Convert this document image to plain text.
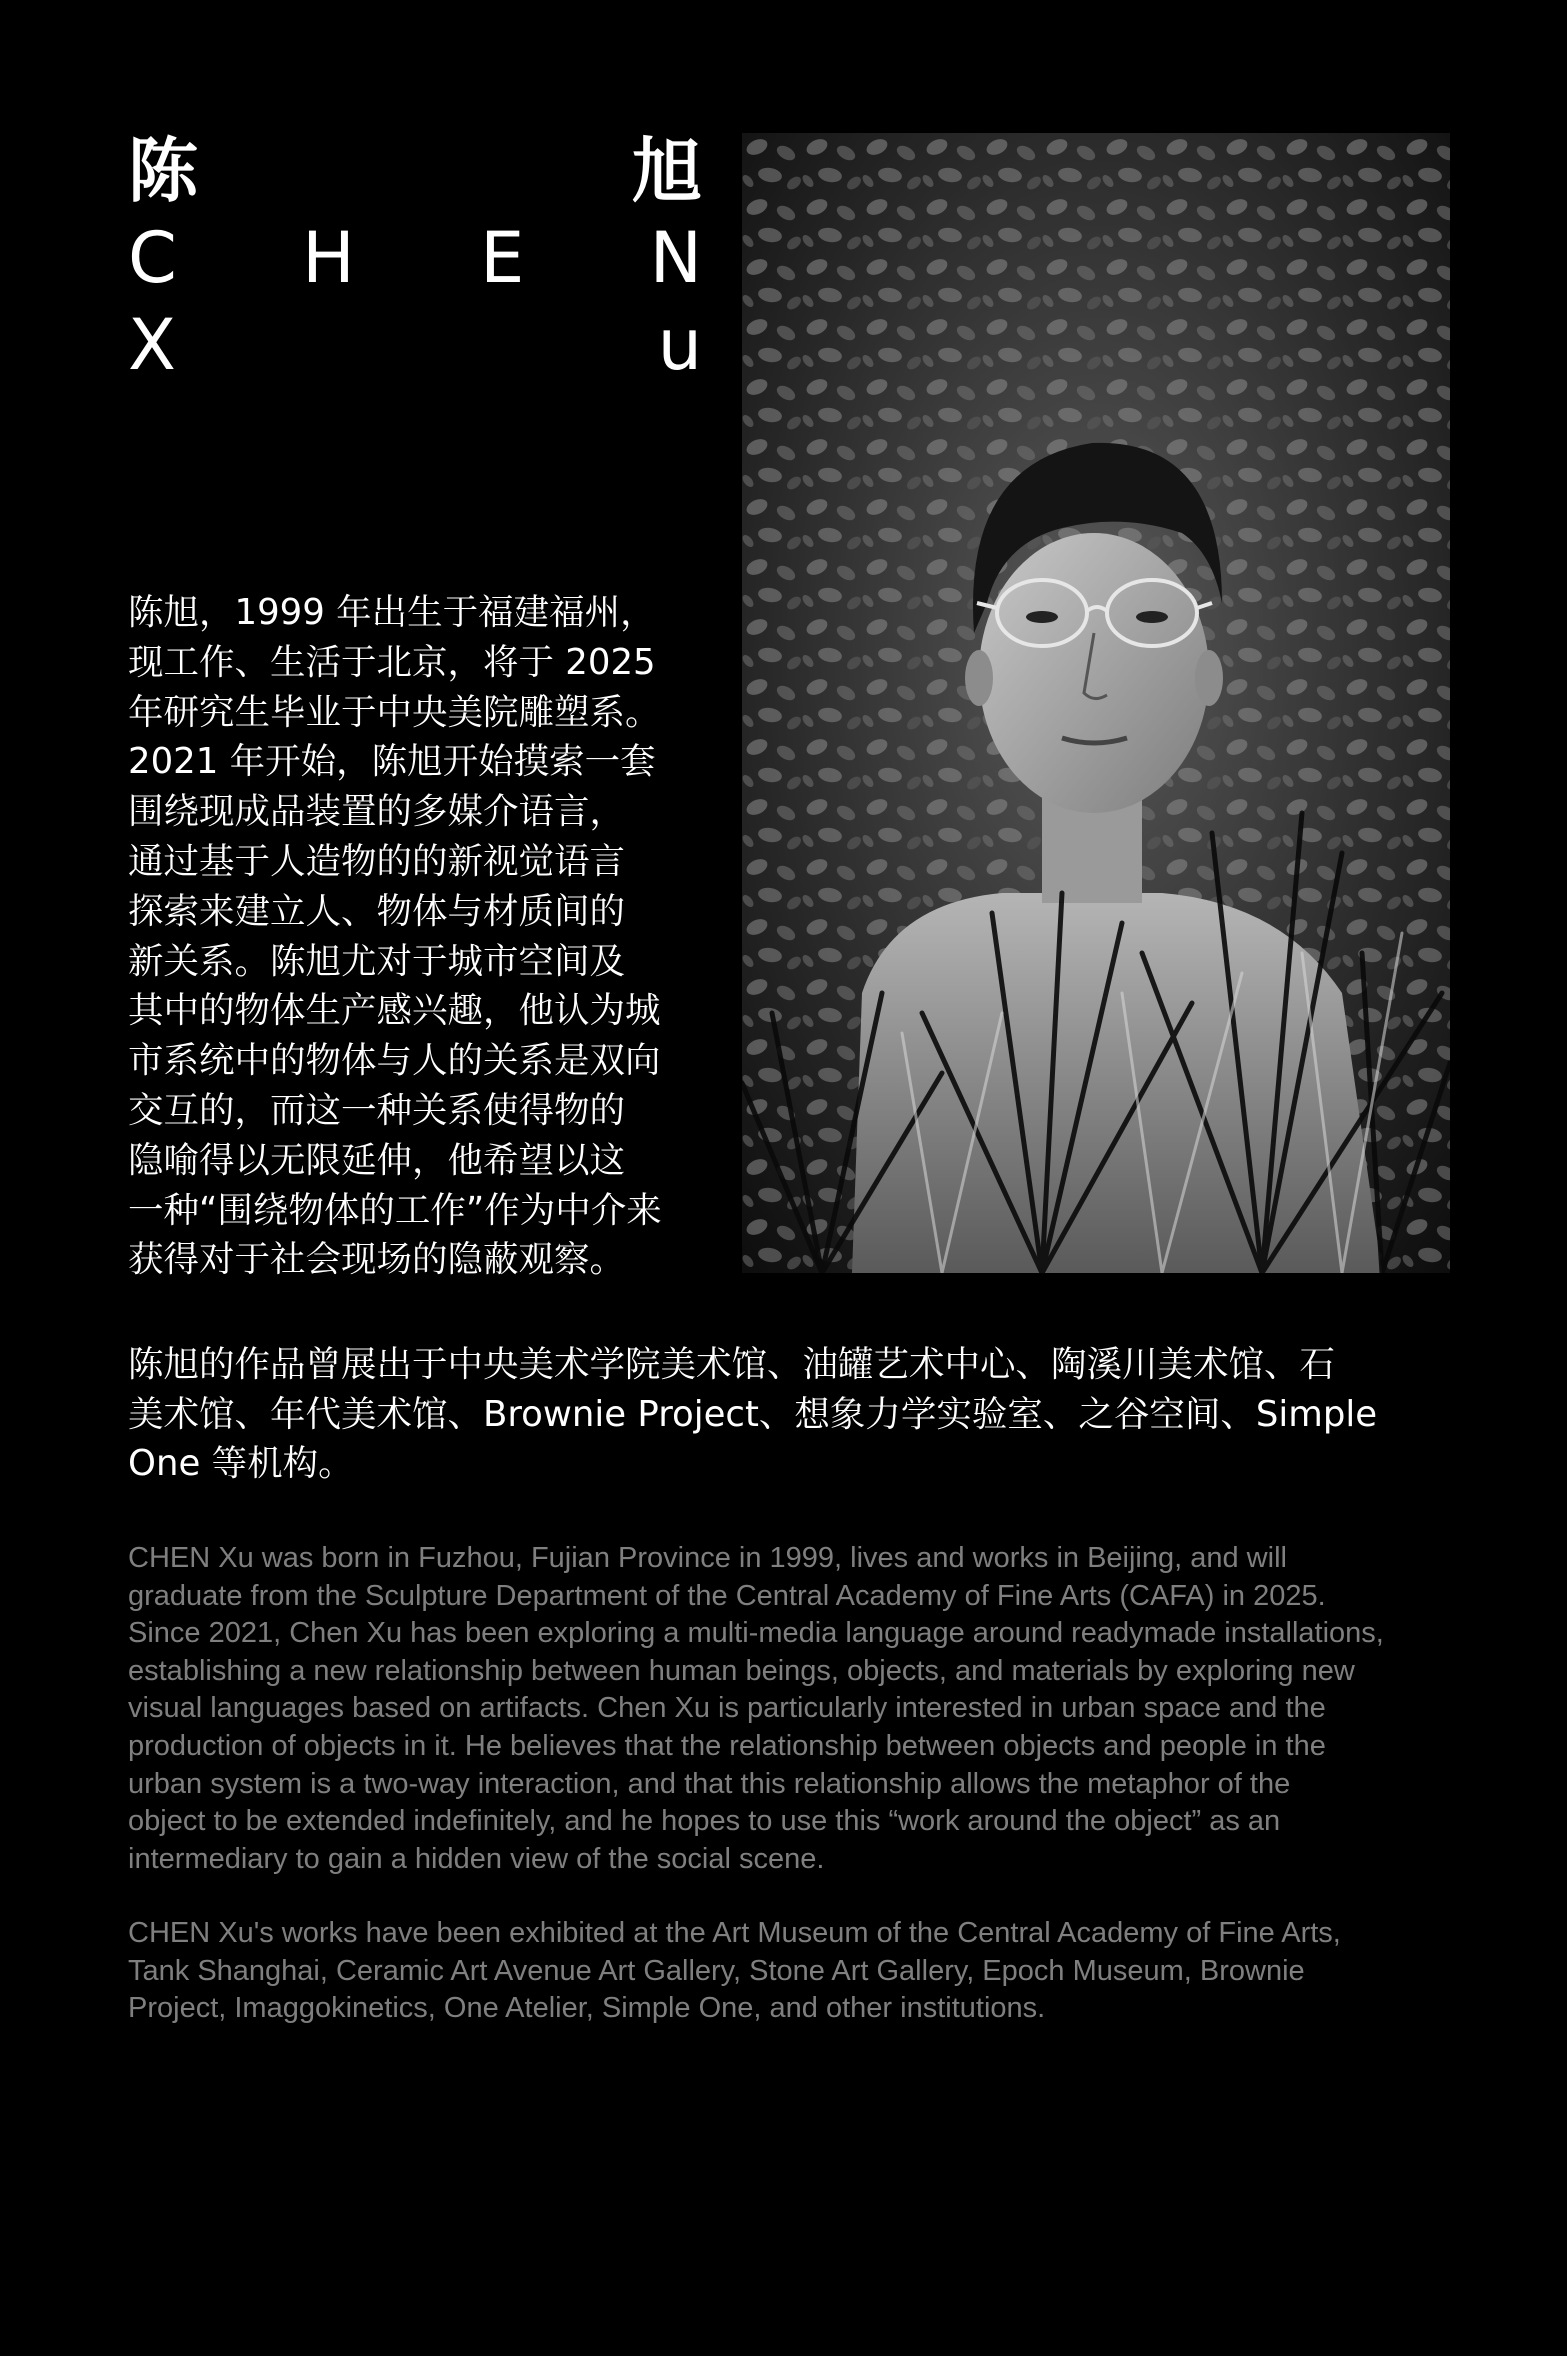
陈	旭
C H E N
X	u

陈旭，1999 年出生于福建福州，

现工作、生活于北京，将于 2025

年研究生毕业于中央美院雕塑系。

2021 年开始，陈旭开始摸索一套

围绕现成品装置的多媒介语言，

通过基于人造物的的新视觉语言

探索来建立人、物体与材质间的

新关系。陈旭尤对于城市空间及

其中的物体生产感兴趣，他认为城

市系统中的物体与人的关系是双向

交互的，而这一种关系使得物的

隐喻得以无限延伸，他希望以这

一种“围绕物体的工作”作为中介来

获得对于社会现场的隐蔽观察。

陈旭的作品曾展出于中央美术学院美术馆、油罐艺术中心、陶溪川美术馆、石

美术馆、年代美术馆、Brownie Project、想象力学实验室、之谷空间、Simple

One 等机构。

CHEN Xu was born in Fuzhou, Fujian Province in 1999, lives and works in Beijing, and will

graduate from the Sculpture Department of the Central Academy of Fine Arts (CAFA) in 2025.

Since 2021, Chen Xu has been exploring a multi-media language around readymade installations,

establishing a new relationship between human beings, objects, and materials by exploring new

visual languages based on artifacts. Chen Xu is particularly interested in urban space and the

production of objects in it. He believes that the relationship between objects and people in the

urban system is a two-way interaction, and that this relationship allows the metaphor of the

object to be extended indefinitely, and he hopes to use this “work around the object” as an

intermediary to gain a hidden view of the social scene.

CHEN Xu's works have been exhibited at the Art Museum of the Central Academy of Fine Arts,

Tank Shanghai, Ceramic Art Avenue Art Gallery, Stone Art Gallery, Epoch Museum, Brownie

Project, Imaggokinetics, One Atelier, Simple One, and other institutions.
